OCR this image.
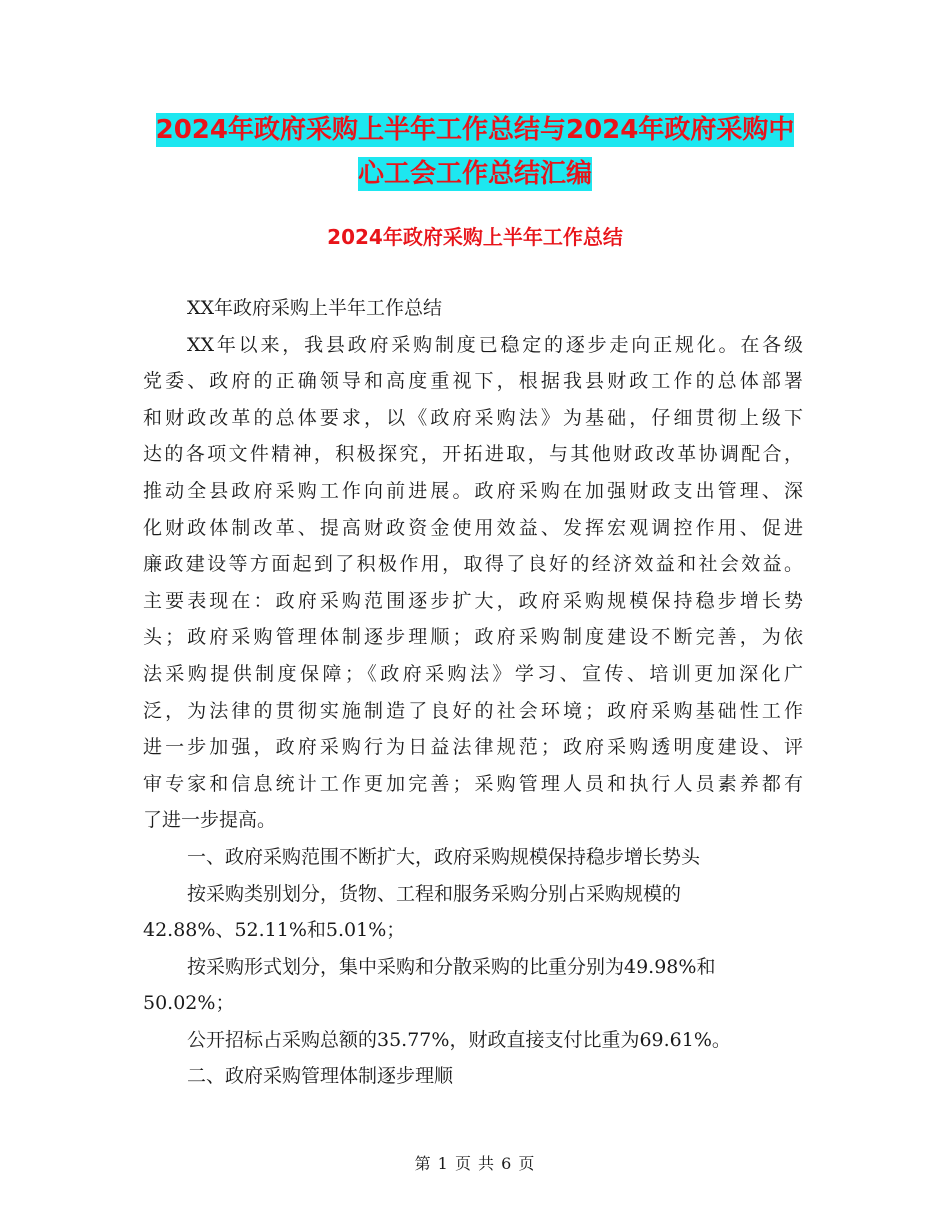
2024年政府采购上半年工作总结与2024年政府采购中
心工会工作总结汇编
2024年政府采购上半年工作总结
XX年政府采购上半年工作总结
XX年以来，我县政府采购制度已稳定的逐步走向正规化。在各级
党委、政府的正确领导和高度重视下，根据我县财政工作的总体部署
和财政改革的总体要求，以《政府采购法》为基础，仔细贯彻上级下
达的各项文件精神，积极探究，开拓进取，与其他财政改革协调配合，
推动全县政府采购工作向前进展。政府采购在加强财政支出管理、深
化财政体制改革、提高财政资金使用效益、发挥宏观调控作用、促进
廉政建设等方面起到了积极作用，取得了良好的经济效益和社会效益。
主要表现在：政府采购范围逐步扩大，政府采购规模保持稳步增长势
头；政府采购管理体制逐步理顺；政府采购制度建设不断完善，为依
法采购提供制度保障；《政府采购法》学习、宣传、培训更加深化广
泛，为法律的贯彻实施制造了良好的社会环境；政府采购基础性工作
进一步加强，政府采购行为日益法律规范；政府采购透明度建设、评
审专家和信息统计工作更加完善；采购管理人员和执行人员素养都有
了进一步提高。
一、政府采购范围不断扩大，政府采购规模保持稳步增长势头
按采购类别划分，货物、工程和服务采购分别占采购规模的
42.88%、52.11%和5.01%；
按采购形式划分，集中采购和分散采购的比重分别为49.98%和
50.02%；
公开招标占采购总额的35.77%，财政直接支付比重为69.61%。
二、政府采购管理体制逐步理顺
第 1 页 共 6 页
